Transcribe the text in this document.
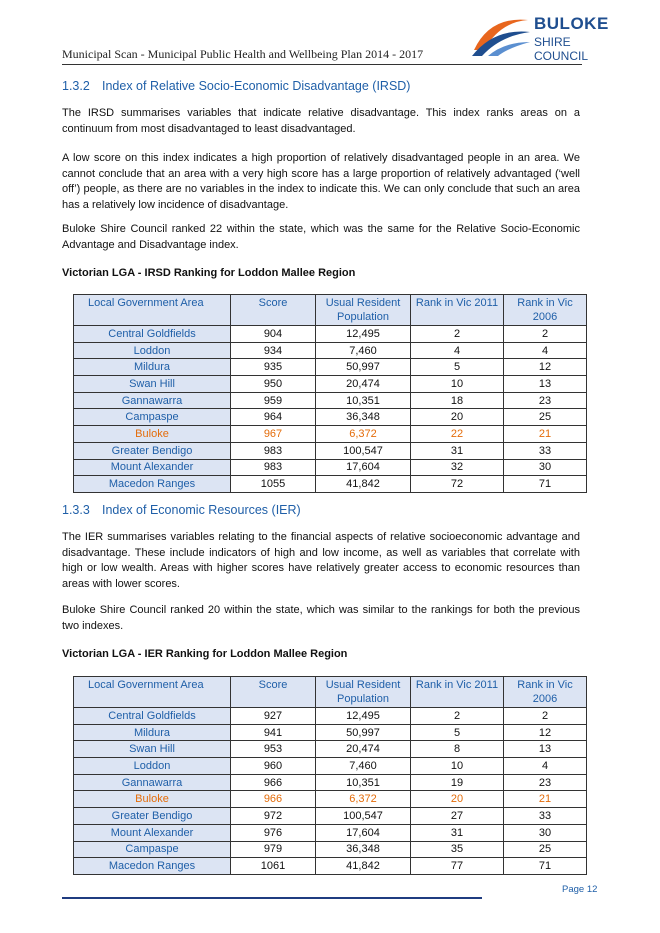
Municipal Scan - Municipal Public Health and Wellbeing Plan 2014 - 2017
BULOKE
SHIRE COUNCIL
1.3.2 Index of Relative Socio-Economic Disadvantage (IRSD)
The IRSD summarises variables that indicate relative disadvantage. This index ranks areas on a continuum from most disadvantaged to least disadvantaged.
A low score on this index indicates a high proportion of relatively disadvantaged people in an area. We cannot conclude that an area with a very high score has a large proportion of relatively advantaged (‘well off’) people, as there are no variables in the index to indicate this. We can only conclude that such an area has a relatively low incidence of disadvantage.
Buloke Shire Council ranked 22 within the state, which was the same for the Relative Socio-Economic Advantage and Disadvantage index.
Victorian LGA - IRSD Ranking for Loddon Mallee Region
Local Government Area	Score	Usual Resident Population	Rank in Vic 2011	Rank in Vic 2006
Central Goldfields	904	12,495	2	2
Loddon	934	7,460	4	4
Mildura	935	50,997	5	12
Swan Hill	950	20,474	10	13
Gannawarra	959	10,351	18	23
Campaspe	964	36,348	20	25
Buloke	967	6,372	22	21
Greater Bendigo	983	100,547	31	33
Mount Alexander	983	17,604	32	30
Macedon Ranges	1055	41,842	72	71
1.3.3 Index of Economic Resources (IER)
The IER summarises variables relating to the financial aspects of relative socioeconomic advantage and disadvantage. These include indicators of high and low income, as well as variables that correlate with high or low wealth. Areas with higher scores have relatively greater access to economic resources than areas with lower scores.
Buloke Shire Council ranked 20 within the state, which was similar to the rankings for both the previous two indexes.
Victorian LGA - IER Ranking for Loddon Mallee Region
Local Government Area	Score	Usual Resident Population	Rank in Vic 2011	Rank in Vic 2006
Central Goldfields	927	12,495	2	2
Mildura	941	50,997	5	12
Swan Hill	953	20,474	8	13
Loddon	960	7,460	10	4
Gannawarra	966	10,351	19	23
Buloke	966	6,372	20	21
Greater Bendigo	972	100,547	27	33
Mount Alexander	976	17,604	31	30
Campaspe	979	36,348	35	25
Macedon Ranges	1061	41,842	77	71
Page 12
